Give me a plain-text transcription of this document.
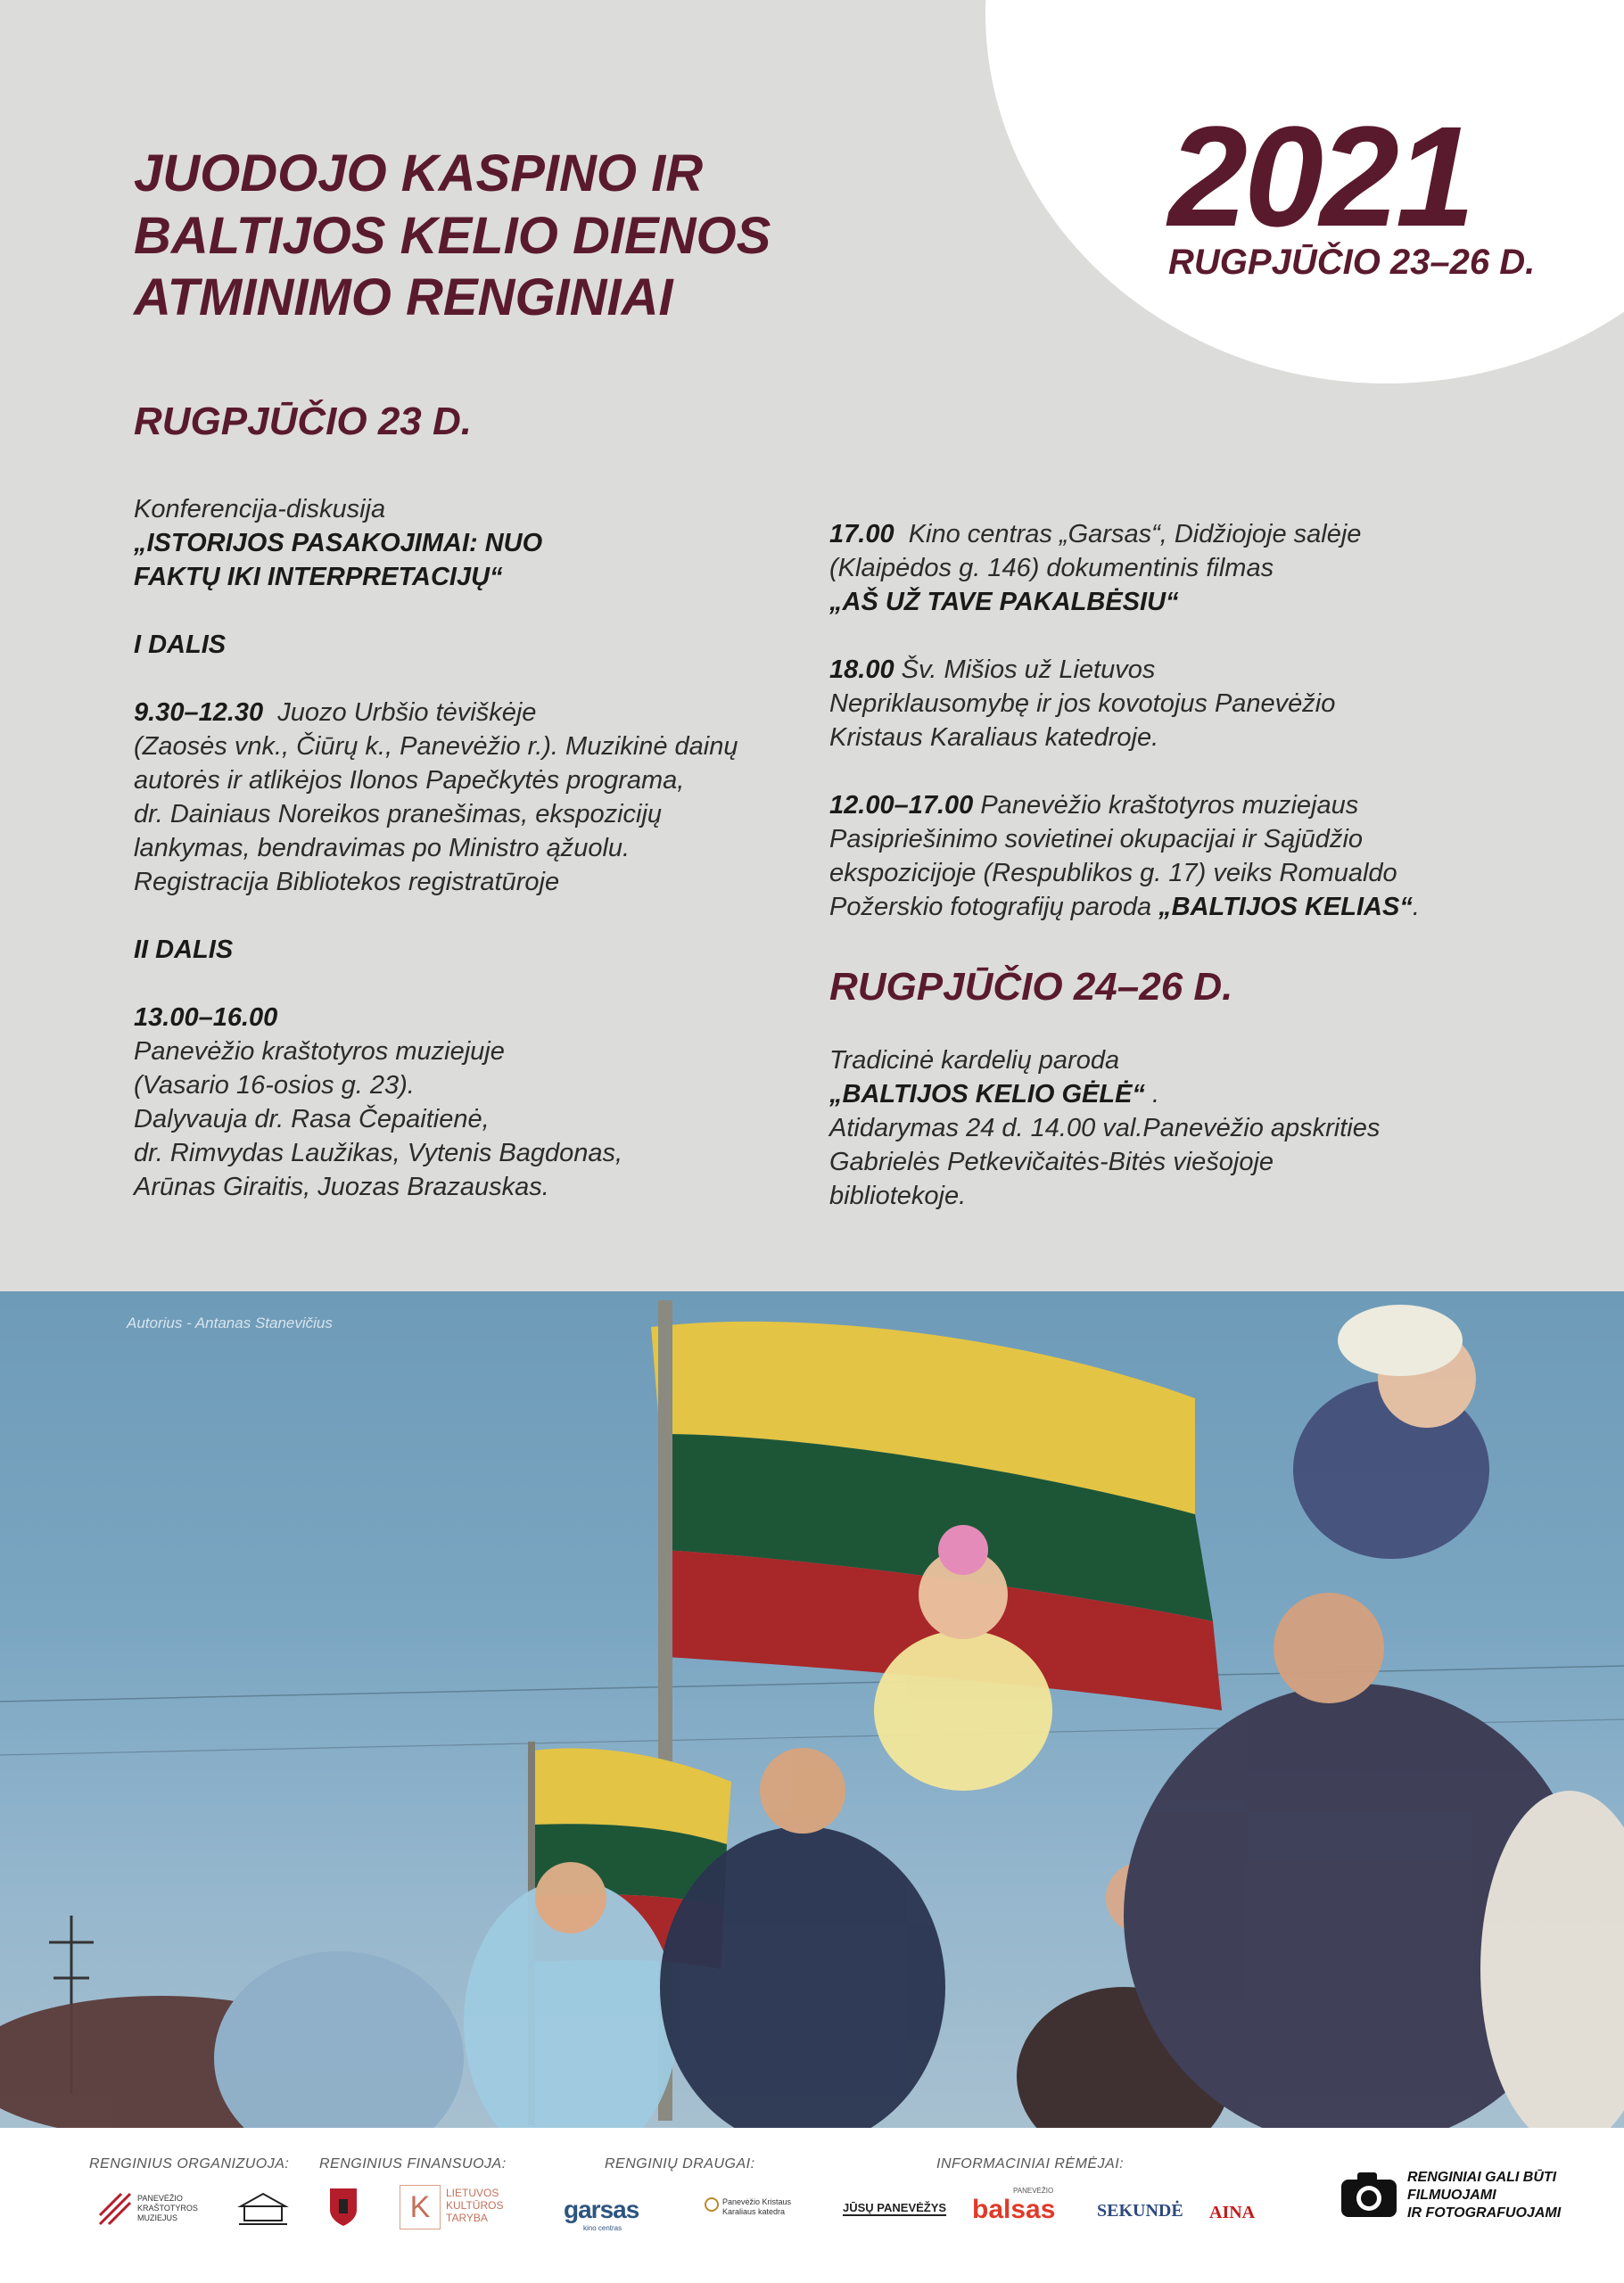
2021
RUGPJŪČIO 23–26 D.
JUODOJO KASPINO IR
BALTIJOS KELIO DIENOS
ATMINIMO RENGINIAI
RUGPJŪČIO 23 D.

Konferencija-diskusija
„ISTORIJOS PASAKOJIMAI: NUO
FAKTŲ IKI INTERPRETACIJŲ“

I DALIS

9.30–12.30 Juozo Urbšio tėviškėje
(Zaosės vnk., Čiūrų k., Panevėžio r.). Muzikinė dainų
autorės ir atlikėjos Ilonos Papečkytės programa,
dr. Dainiaus Noreikos pranešimas, ekspozicijų
lankymas, bendravimas po Ministro ąžuolu.
Registracija Bibliotekos registratūroje

II DALIS

13.00–16.00
Panevėžio kraštotyros muziejuje
(Vasario 16-osios g. 23).
Dalyvauja dr. Rasa Čepaitienė,
dr. Rimvydas Laužikas, Vytenis Bagdonas,
Arūnas Giraitis, Juozas Brazauskas.

17.00 Kino centras „Garsas“, Didžiojoje salėje
(Klaipėdos g. 146) dokumentinis filmas
„AŠ UŽ TAVE PAKALBĖSIU“

18.00 Šv. Mišios už Lietuvos
Nepriklausomybę ir jos kovotojus Panevėžio
Kristaus Karaliaus katedroje.

12.00–17.00 Panevėžio kraštotyros muziejaus
Pasipriešinimo sovietinei okupacijai ir Sąjūdžio
ekspozicijoje (Respublikos g. 17) veiks Romualdo
Požerskio fotografijų paroda „BALTIJOS KELIAS“.

RUGPJŪČIO 24–26 D.

Tradicinė kardelių paroda
„BALTIJOS KELIO GĖLĖ“ .
Atidarymas 24 d. 14.00 val.Panevėžio apskrities
Gabrielės Petkevičaitės-Bitės viešojoje
bibliotekoje.

Autorius - Antanas Stanevičius
RENGINIUS ORGANIZUOJA: RENGINIUS FINANSUOJA:	RENGINIŲ DRAUGAI:	INFORMACINIAI RĖMĖJAI:
PANEVĖŽIO
KRAŠTOTYROS
MUZIEJUS	K	LIETUVOS
KULTŪROS
TARYBA	garsas
kino centras
Panevėžio Kristaus
Karaliaus katedra	JŪSŲ PANEVĖŽYS
PANEVĖŽIO
balsas SEKUNDĖ AINA
RENGINIAI GALI BŪTI
FILMUOJAMI
IR FOTOGRAFUOJAMI
